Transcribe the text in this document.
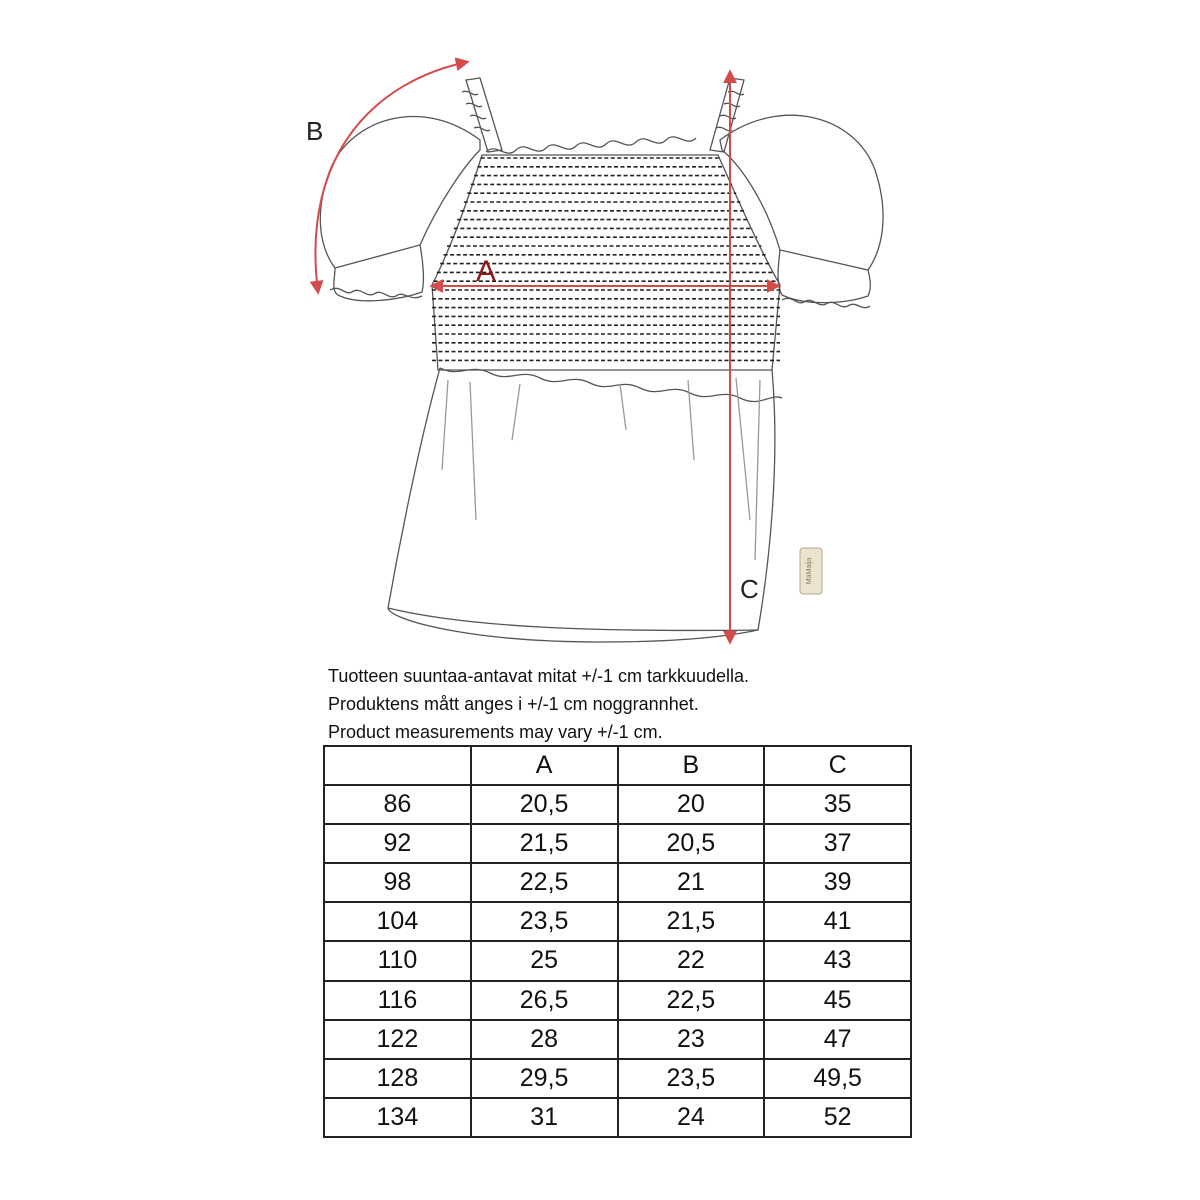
MaMaija
A
B
C
Tuotteen suuntaa-antavat mitat +/-1 cm tarkkuudella.
Produktens mått anges i +/-1 cm noggrannhet.
Product measurements may vary +/-1 cm.
	A	B	C
86	20,5	20	35
92	21,5	20,5	37
98	22,5	21	39
104	23,5	21,5	41
110	25	22	43
116	26,5	22,5	45
122	28	23	47
128	29,5	23,5	49,5
134	31	24	52
